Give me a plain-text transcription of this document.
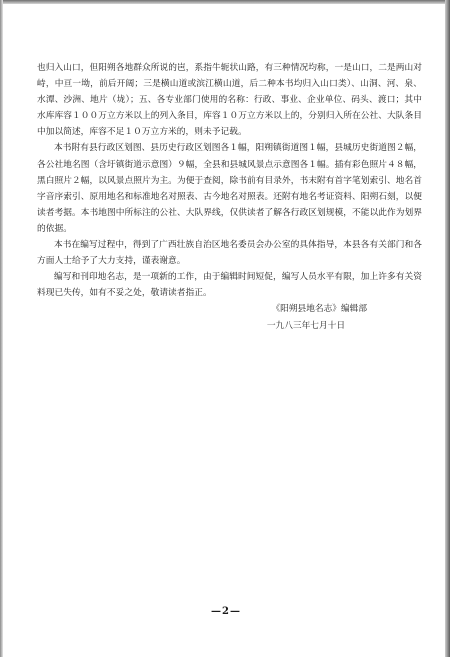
也归入山口，但阳朔各地群众所说的岜，系指牛轭状山路，有三种情况均称，一是山口，二是两山对峙，中亘一坳，前后开阔；三是横山道或滨江横山道，后二种本书均归入山口类）、山洞、河、泉、水潭、沙洲、地片（垅）；五、各专业部门使用的名称：行政、事业、企业单位、码头、渡口；其中水库库容１００万立方米以上的列入条目，库容１０万立方米以上的，分别归入所在公社、大队条目中加以简述，库容不足１０万立方米的，则未予记载。

本书附有县行政区划图、县历史行政区划图各１幅，阳朔镇街道图１幅，县城历史街道图２幅，各公社地名图（含圩镇街道示意图）９幅，全县和县城风景点示意图各１幅。插有彩色照片４８幅，黑白照片２幅，以风景点照片为主。为便于查阅，除书前有目录外，书末附有首字笔划索引、地名首字音序索引、原用地名和标准地名对照表、古今地名对照表。还附有地名考证资料、阳朔石刻，以便读者考据。本书地图中所标注的公社、大队界线，仅供读者了解各行政区划规模，不能以此作为划界的依据。

本书在编写过程中，得到了广西壮族自治区地名委员会办公室的具体指导，本县各有关部门和各方面人士给予了大力支持，谨表谢意。

编写和刊印地名志，是一项新的工作，由于编辑时间短促，编写人员水平有限，加上许多有关资料现已失传，如有不妥之处，敬请读者指正。

《阳朔县地名志》编辑部

一九八三年七月十日

—2—
